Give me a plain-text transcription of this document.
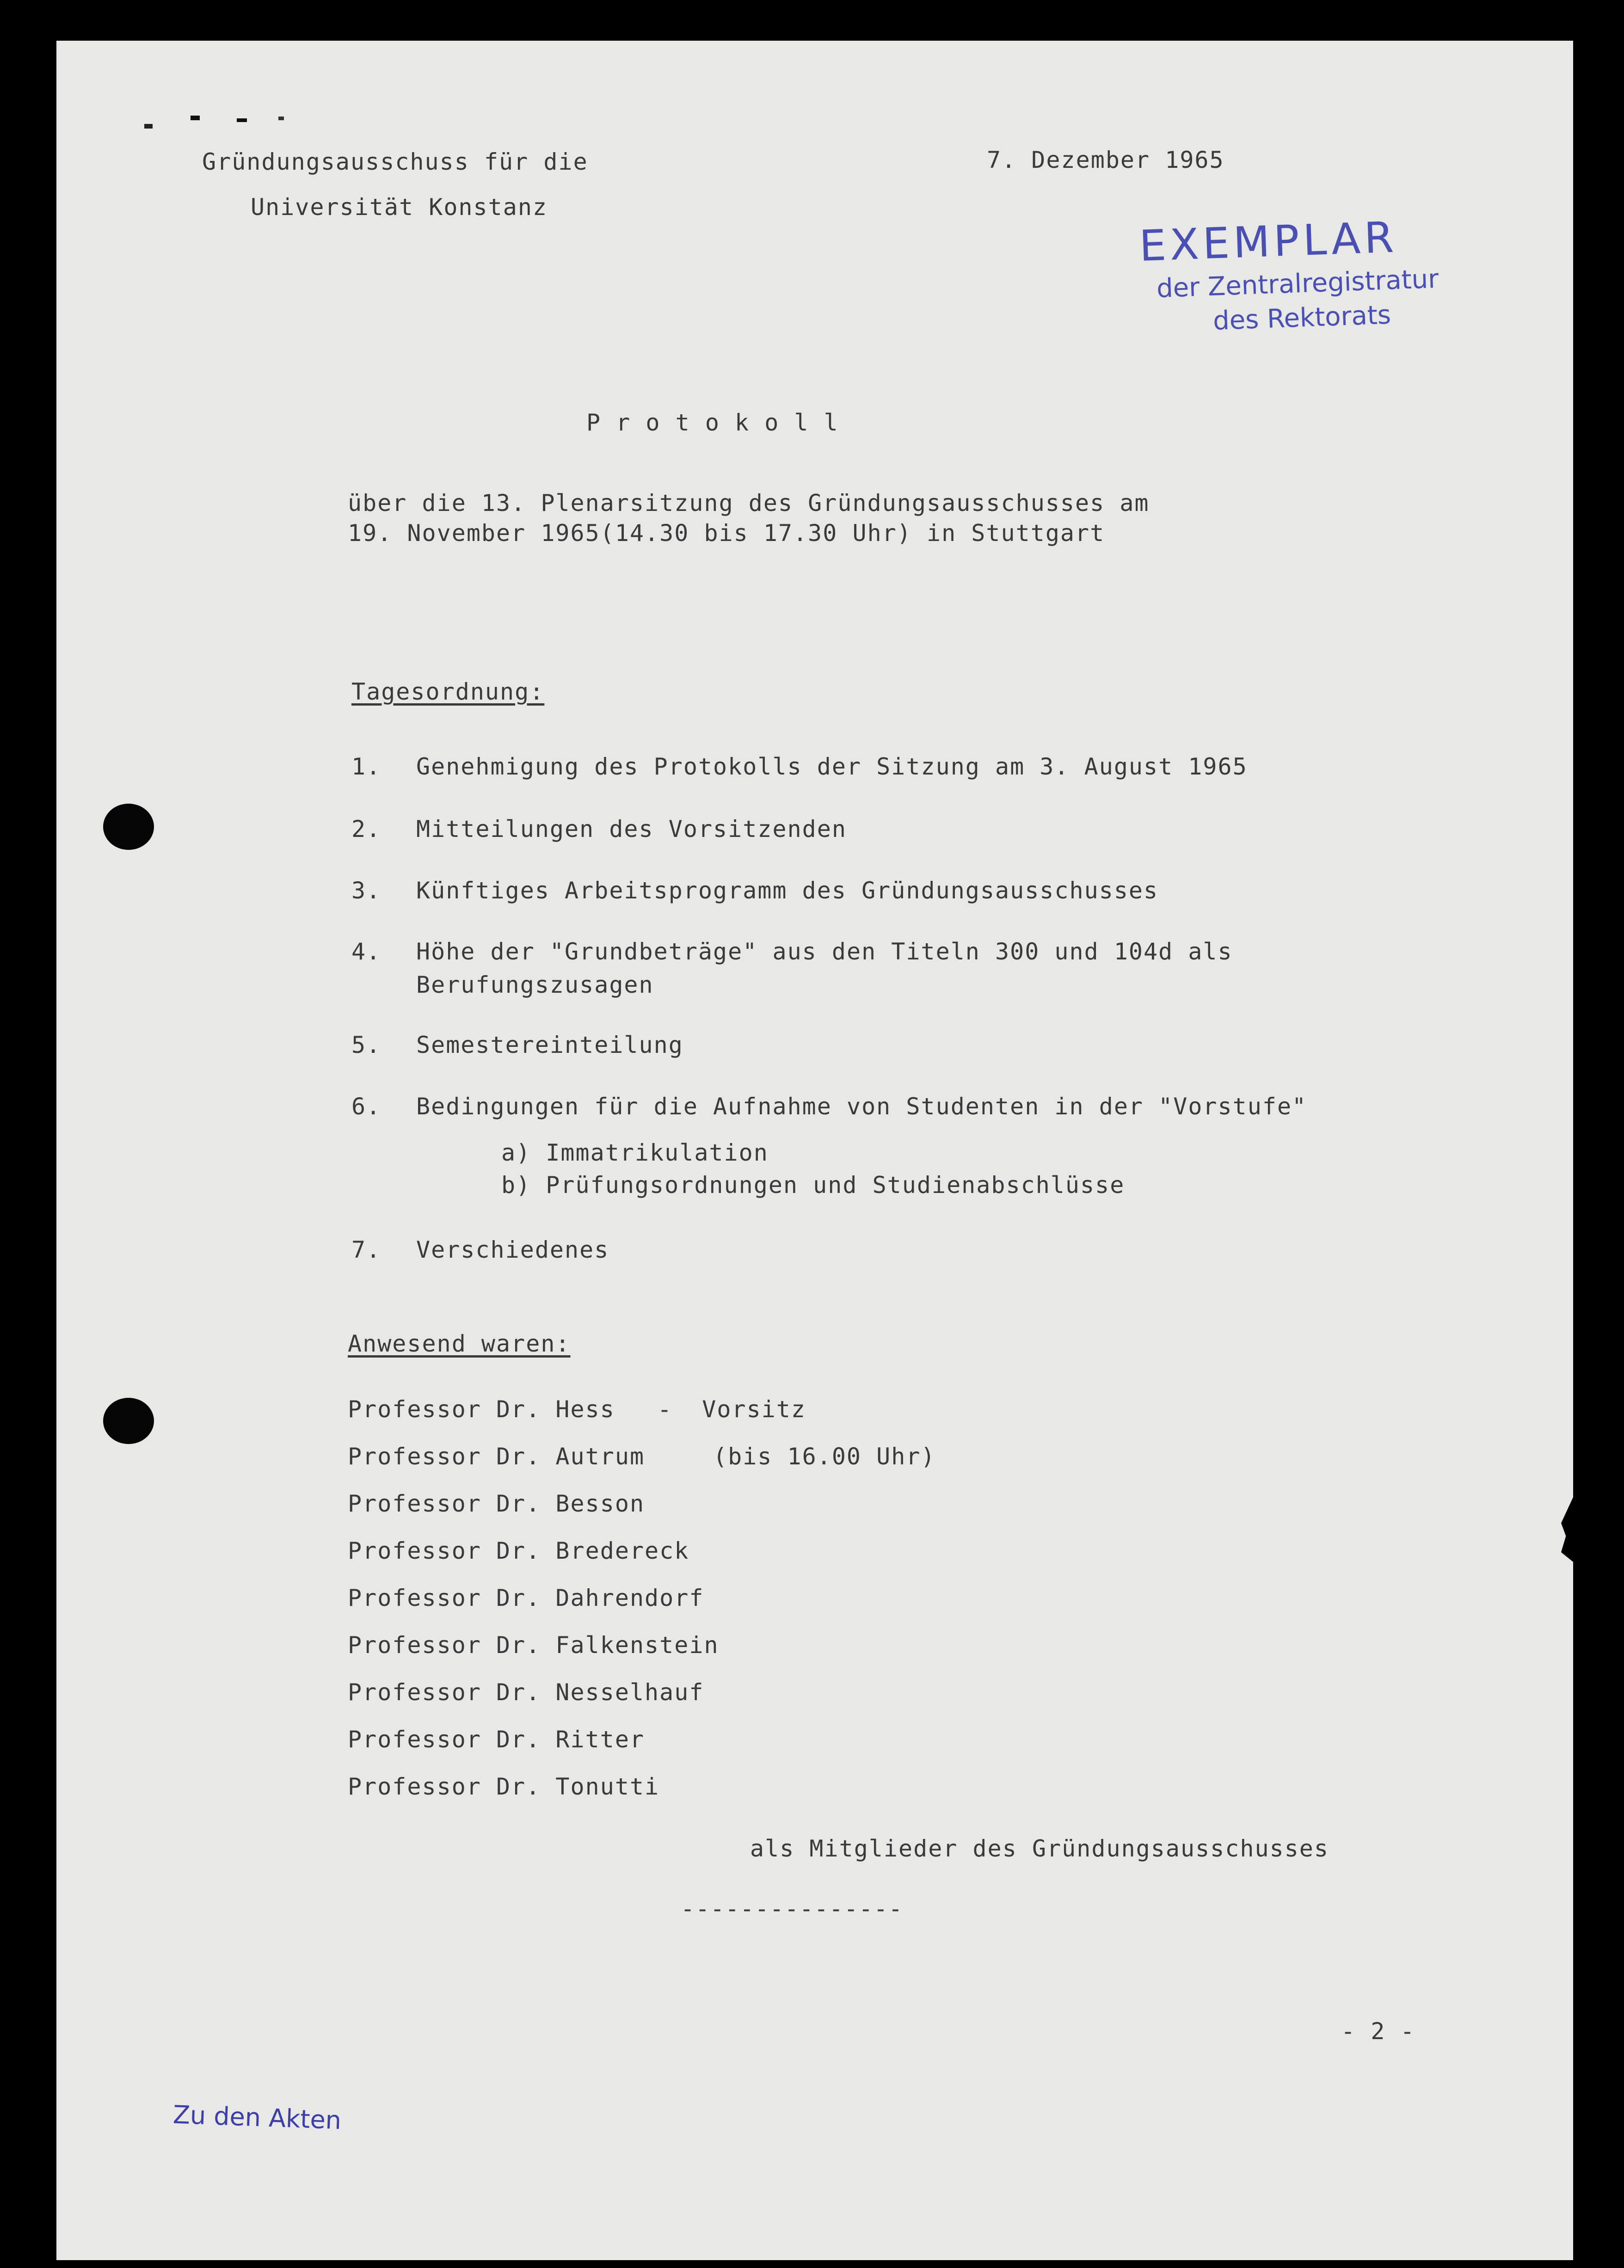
Gründungsausschuss für die
Universität Konstanz
7. Dezember 1965
EXEMPLAR
der Zentralregistratur
des Rektorats
P r o t o k o l l
über die 13. Plenarsitzung des Gründungsausschusses am
19. November 1965(14.30 bis 17.30 Uhr) in Stuttgart
Tagesordnung:
1. Genehmigung des Protokolls der Sitzung am 3. August 1965
2. Mitteilungen des Vorsitzenden
3. Künftiges Arbeitsprogramm des Gründungsausschusses
4. Höhe der "Grundbeträge" aus den Titeln 300 und 104d als
Berufungszusagen
5. Semestereinteilung
6. Bedingungen für die Aufnahme von Studenten in der "Vorstufe"
a) Immatrikulation
b) Prüfungsordnungen und Studienabschlüsse
7. Verschiedenes
Anwesend waren:
Professor Dr. Hess -  Vorsitz
Professor Dr. Autrum	(bis 16.00 Uhr)
Professor Dr. Besson
Professor Dr. Bredereck
Professor Dr. Dahrendorf
Professor Dr. Falkenstein
Professor Dr. Nesselhauf
Professor Dr. Ritter
Professor Dr. Tonutti
als Mitglieder des Gründungsausschusses
---------------
- 2 -
Zu den Akten
